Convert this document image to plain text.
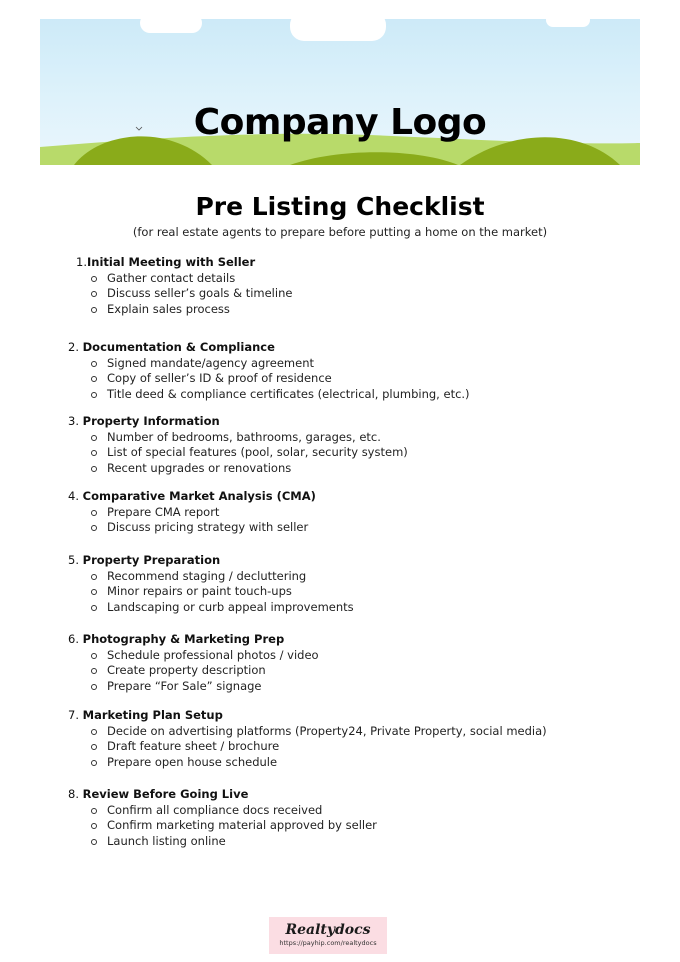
Company Logo
Pre Listing Checklist
(for real estate agents to prepare before putting a home on the market)
1.Initial Meeting with Seller
Gather contact details
Discuss seller’s goals & timeline
Explain sales process
2. Documentation & Compliance
Signed mandate/agency agreement
Copy of seller’s ID & proof of residence
Title deed & compliance certificates (electrical, plumbing, etc.)
3. Property Information
Number of bedrooms, bathrooms, garages, etc.
List of special features (pool, solar, security system)
Recent upgrades or renovations
4. Comparative Market Analysis (CMA)
Prepare CMA report
Discuss pricing strategy with seller
5. Property Preparation
Recommend staging / decluttering
Minor repairs or paint touch-ups
Landscaping or curb appeal improvements
6. Photography & Marketing Prep
Schedule professional photos / video
Create property description
Prepare “For Sale” signage
7. Marketing Plan Setup
Decide on advertising platforms (Property24, Private Property, social media)
Draft feature sheet / brochure
Prepare open house schedule
8. Review Before Going Live
Confirm all compliance docs received
Confirm marketing material approved by seller
Launch listing online
Realtydocs
https://payhip.com/realtydocs
